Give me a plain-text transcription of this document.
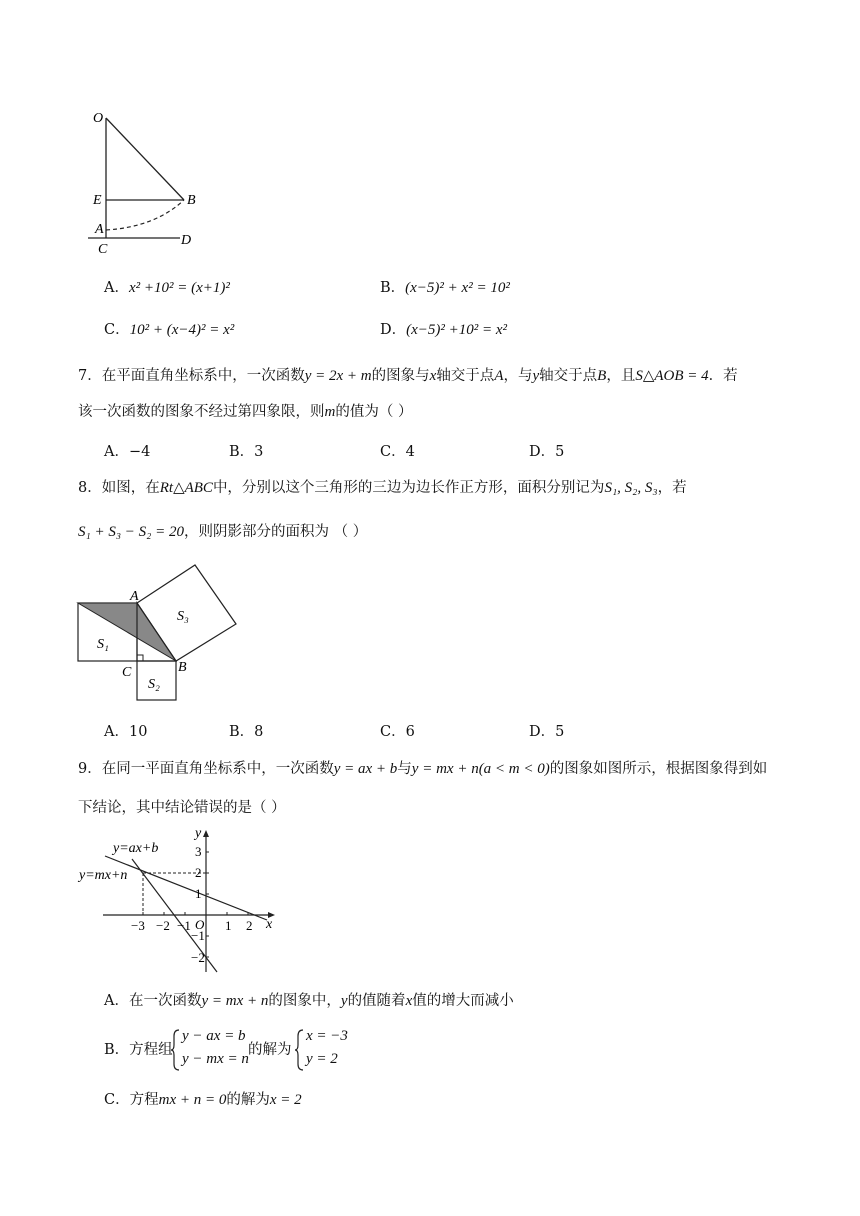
O
E	B
A
C
D
A．x² +10² = (x+1)²	B．(x−5)² + x² = 10²
C．10² + (x−4)² = x²	D．(x−5)² +10² = x²
7．在平面直角坐标系中，一次函数y = 2x + m的图象与x轴交于点A，与y轴交于点B，且S△AOB = 4．若
该一次函数的图象不经过第四象限，则m的值为（ ）
A．−4	B．3	C．4	D．5
8．如图，在Rt△ABC中，分别以这个三角形的三边为边长作正方形，面积分别记为S₁, S₂, S₃，若
S₁ + S₃ − S₂ = 20，则阴影部分的面积为 （ ）
A
B
C
S₁
S₂
S₃
A．10	B．8	C．6	D．5
9．在同一平面直角坐标系中，一次函数y = ax + b与y = mx + n(a < m < 0)的图象如图所示，根据图象得到如
下结论，其中结论错误的是（ ）
y=ax+b
y=mx+n
x
y
O
−3 −2 −1	1 2
3
2
1
−1
−2
A．在一次函数y = mx + n的图象中，y的值随着x值的增大而减小
B．方程组
y − ax = b
y − mx = n
的解为
x = −3
y = 2
C．方程mx + n = 0的解为x = 2
